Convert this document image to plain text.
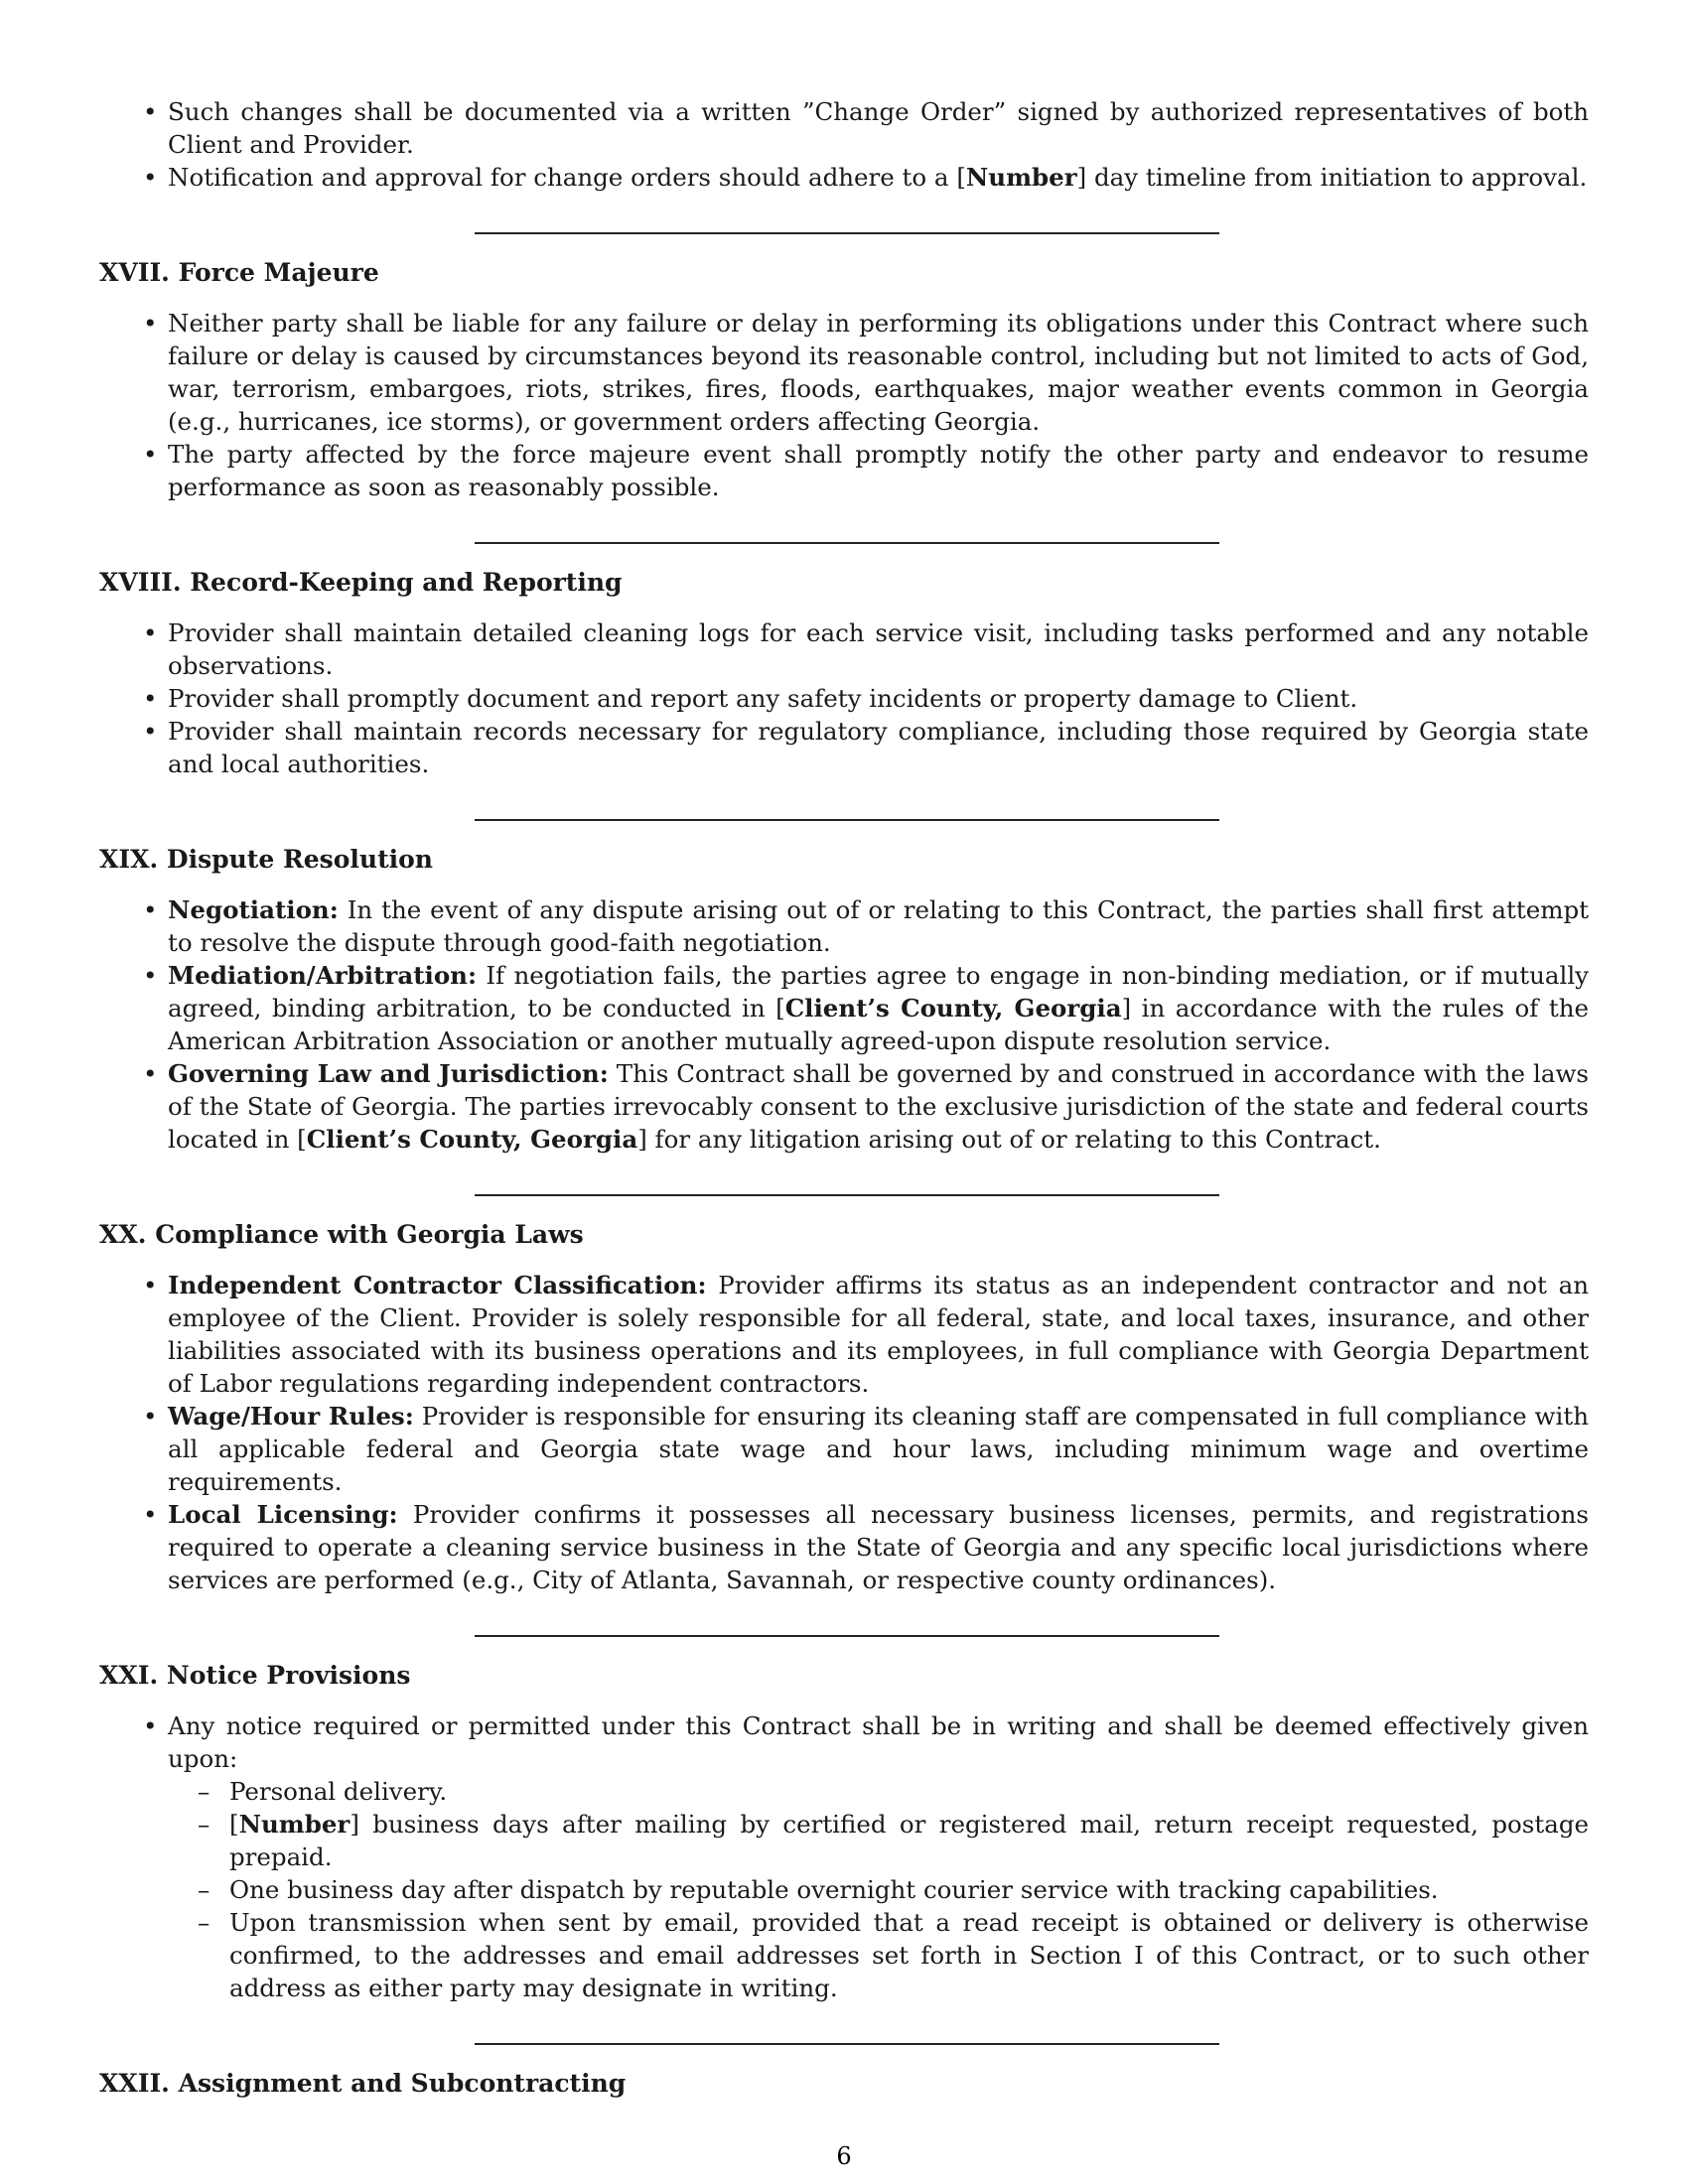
• Such changes shall be documented via a written ”Change Order” signed by authorized representatives of both Client and Provider.
• Notification and approval for change orders should adhere to a [Number] day timeline from initiation to approval.
XVII. Force Majeure
• Neither party shall be liable for any failure or delay in performing its obligations under this Contract where such failure or delay is caused by circumstances beyond its reasonable control, including but not limited to acts of God, war, terrorism, embargoes, riots, strikes, fires, floods, earthquakes, major weather events common in Georgia (e.g., hurricanes, ice storms), or government orders affecting Georgia.
• The party affected by the force majeure event shall promptly notify the other party and endeavor to resume performance as soon as reasonably possible.
XVIII. Record-Keeping and Reporting
• Provider shall maintain detailed cleaning logs for each service visit, including tasks performed and any notable observations.
• Provider shall promptly document and report any safety incidents or property damage to Client.
• Provider shall maintain records necessary for regulatory compliance, including those required by Georgia state and local authorities.
XIX. Dispute Resolution
• Negotiation: In the event of any dispute arising out of or relating to this Contract, the parties shall first attempt to resolve the dispute through good-faith negotiation.
• Mediation/Arbitration: If negotiation fails, the parties agree to engage in non-binding mediation, or if mutually agreed, binding arbitration, to be conducted in [Client’s County, Georgia] in accordance with the rules of the American Arbitration Association or another mutually agreed-upon dispute resolution service.
• Governing Law and Jurisdiction: This Contract shall be governed by and construed in accordance with the laws of the State of Georgia. The parties irrevocably consent to the exclusive jurisdiction of the state and federal courts located in [Client’s County, Georgia] for any litigation arising out of or relating to this Contract.
XX. Compliance with Georgia Laws
• Independent Contractor Classification: Provider affirms its status as an independent contractor and not an employee of the Client. Provider is solely responsible for all federal, state, and local taxes, insurance, and other liabilities associated with its business operations and its employees, in full compliance with Georgia Department of Labor regulations regarding independent contractors.
• Wage/Hour Rules: Provider is responsible for ensuring its cleaning staff are compensated in full compliance with all applicable federal and Georgia state wage and hour laws, including minimum wage and overtime requirements.
• Local Licensing: Provider confirms it possesses all necessary business licenses, permits, and registrations required to operate a cleaning service business in the State of Georgia and any specific local jurisdictions where services are performed (e.g., City of Atlanta, Savannah, or respective county ordinances).
XXI. Notice Provisions
• Any notice required or permitted under this Contract shall be in writing and shall be deemed effectively given upon:
– Personal delivery.
– [Number] business days after mailing by certified or registered mail, return receipt requested, postage prepaid.
– One business day after dispatch by reputable overnight courier service with tracking capabilities.
– Upon transmission when sent by email, provided that a read receipt is obtained or delivery is otherwise confirmed, to the addresses and email addresses set forth in Section I of this Contract, or to such other address as either party may designate in writing.
XXII. Assignment and Subcontracting
6
